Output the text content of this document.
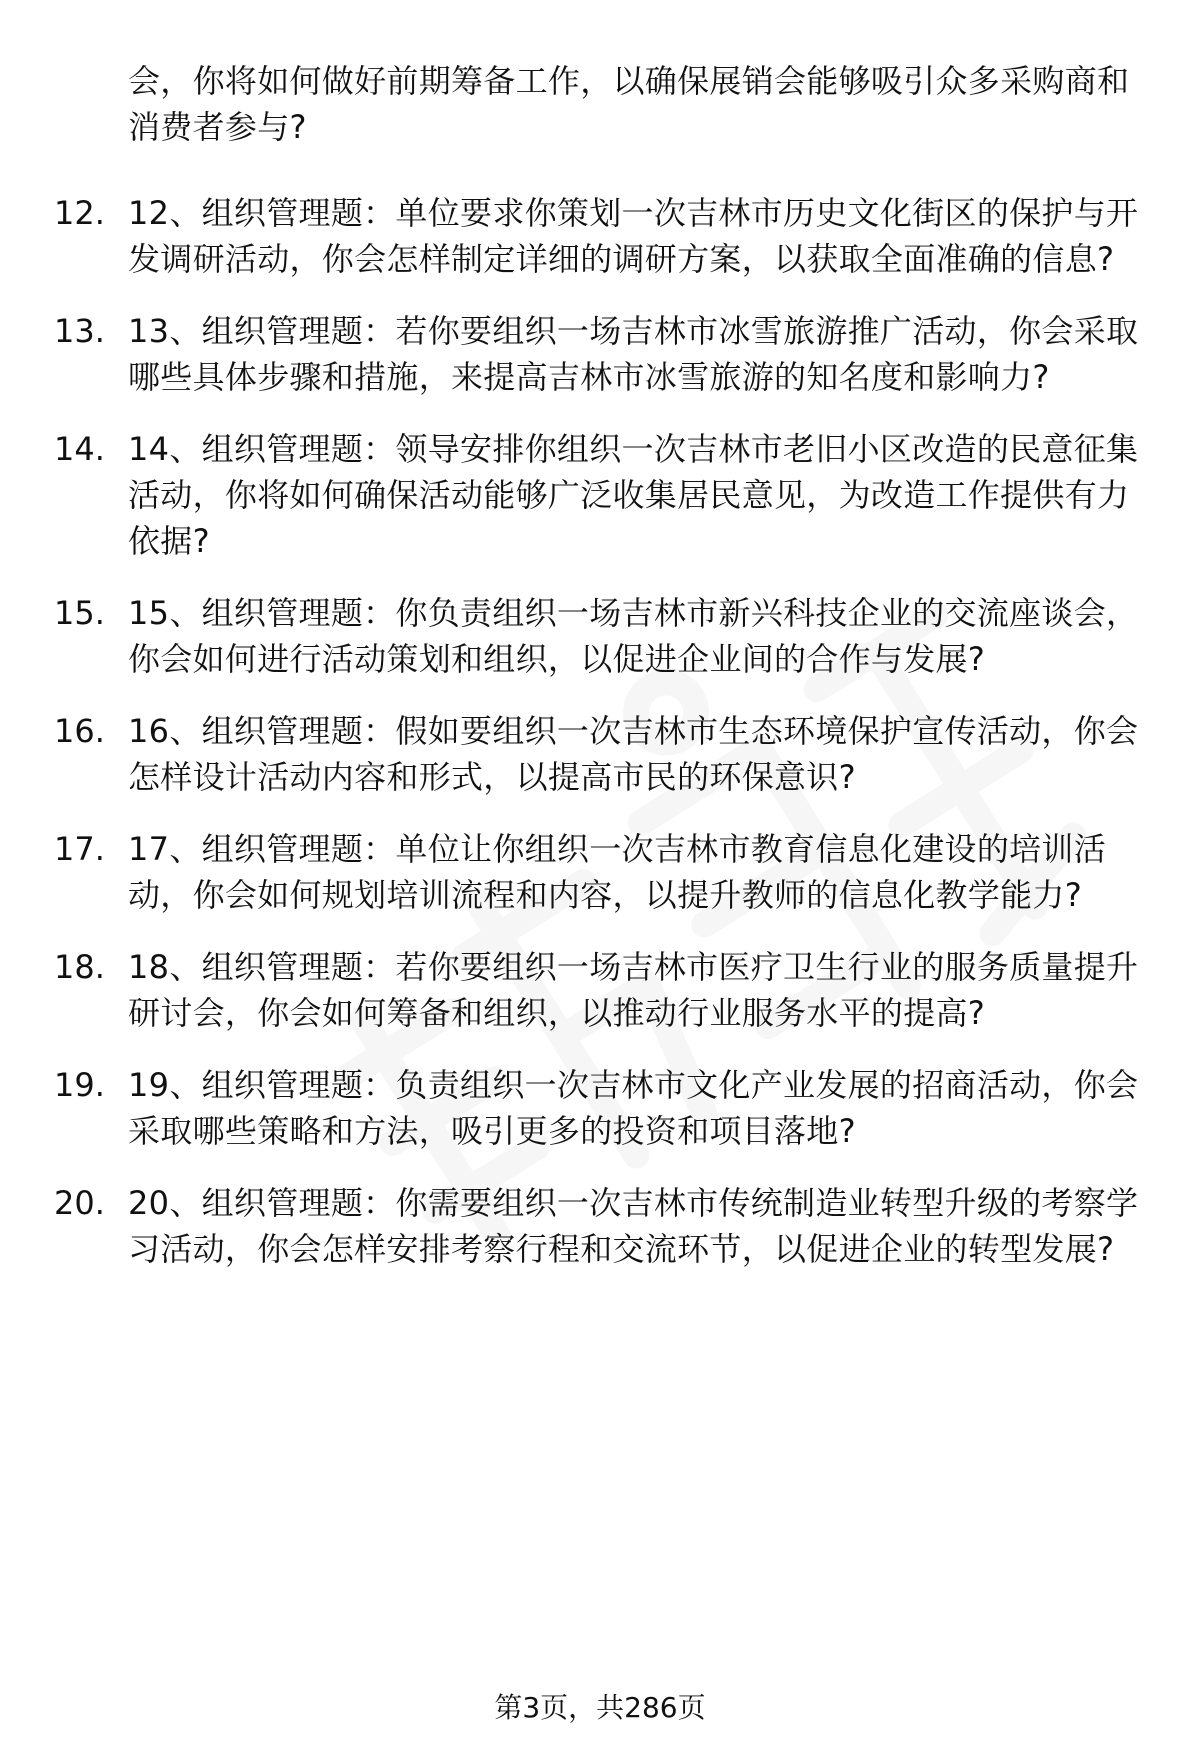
会，你将如何做好前期筹备工作，以确保展销会能够吸引众多采购商和消费者参与?

12. 12、组织管理题：单位要求你策划一次吉林市历史文化街区的保护与开发调研活动，你会怎样制定详细的调研方案，以获取全面准确的信息?
13. 13、组织管理题：若你要组织一场吉林市冰雪旅游推广活动，你会采取哪些具体步骤和措施，来提高吉林市冰雪旅游的知名度和影响力?
14. 14、组织管理题：领导安排你组织一次吉林市老旧小区改造的民意征集活动，你将如何确保活动能够广泛收集居民意见，为改造工作提供有力依据?
15. 15、组织管理题：你负责组织一场吉林市新兴科技企业的交流座谈会，你会如何进行活动策划和组织，以促进企业间的合作与发展?
16. 16、组织管理题：假如要组织一次吉林市生态环境保护宣传活动，你会怎样设计活动内容和形式，以提高市民的环保意识?
17. 17、组织管理题：单位让你组织一次吉林市教育信息化建设的培训活动，你会如何规划培训流程和内容，以提升教师的信息化教学能力?
18. 18、组织管理题：若你要组织一场吉林市医疗卫生行业的服务质量提升研讨会，你会如何筹备和组织，以推动行业服务水平的提高?
19. 19、组织管理题：负责组织一次吉林市文化产业发展的招商活动，你会采取哪些策略和方法，吸引更多的投资和项目落地?
20. 20、组织管理题：你需要组织一次吉林市传统制造业转型升级的考察学习活动，你会怎样安排考察行程和交流环节，以促进企业的转型发展?
第3页，共286页
